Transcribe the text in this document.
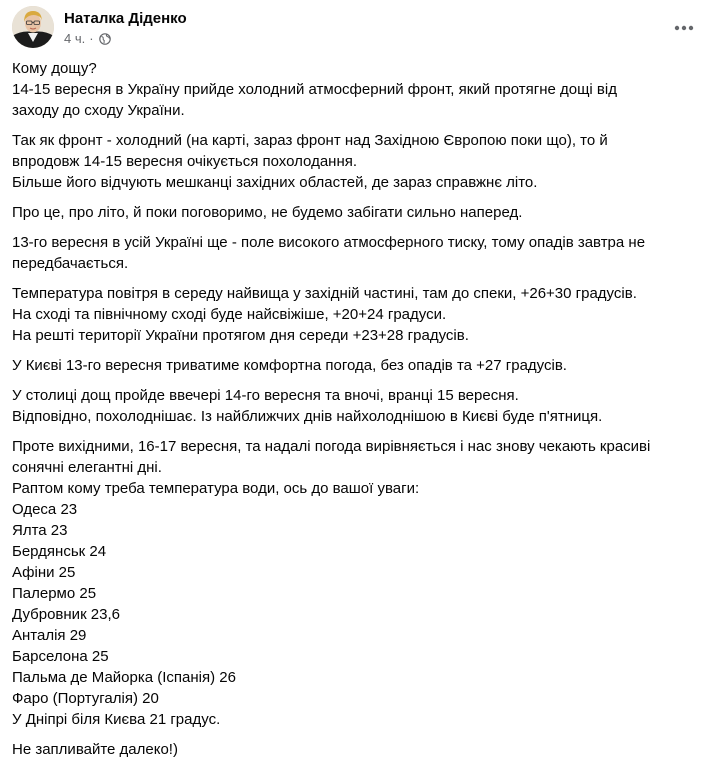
Наталка Діденко
4 ч. ·

Кому дощу?
14-15 вересня в Україну прийде холодний атмосферний фронт, який протягне дощі від
заходу до сходу України.

Так як фронт - холодний (на карті, зараз фронт над Західною Європою поки що), то й
впродовж 14-15 вересня очікується похолодання.
Більше його відчують мешканці західних областей, де зараз справжнє літо.

Про це, про літо, й поки поговоримо, не будемо забігати сильно наперед.

13-го вересня в усій Україні ще - поле високого атмосферного тиску, тому опадів завтра не
передбачається.

Температура повітря в середу найвища у західній частині, там до спеки, +26+30 градусів.
На сході та північному сході буде найсвіжіше, +20+24 градуси.
На решті території України протягом дня середи +23+28 градусів.

У Києві 13-го вересня триватиме комфортна погода, без опадів та +27 градусів.

У столиці дощ пройде ввечері 14-го вересня та вночі, вранці 15 вересня.
Відповідно, похолоднішає. Із найближчих днів найхолоднішою в Києві буде п'ятниця.

Проте вихідними, 16-17 вересня, та надалі погода вирівняється і нас знову чекають красиві
сонячні елегантні дні.
Раптом кому треба температура води, ось до вашої уваги:
Одеса 23
Ялта 23
Бердянськ 24
Афіни 25
Палермо 25
Дубровник 23,6
Анталія 29
Барселона 25
Пальма де Майорка (Іспанія) 26
Фаро (Португалія) 20
У Дніпрі біля Києва 21 градус.

Не запливайте далеко!)
